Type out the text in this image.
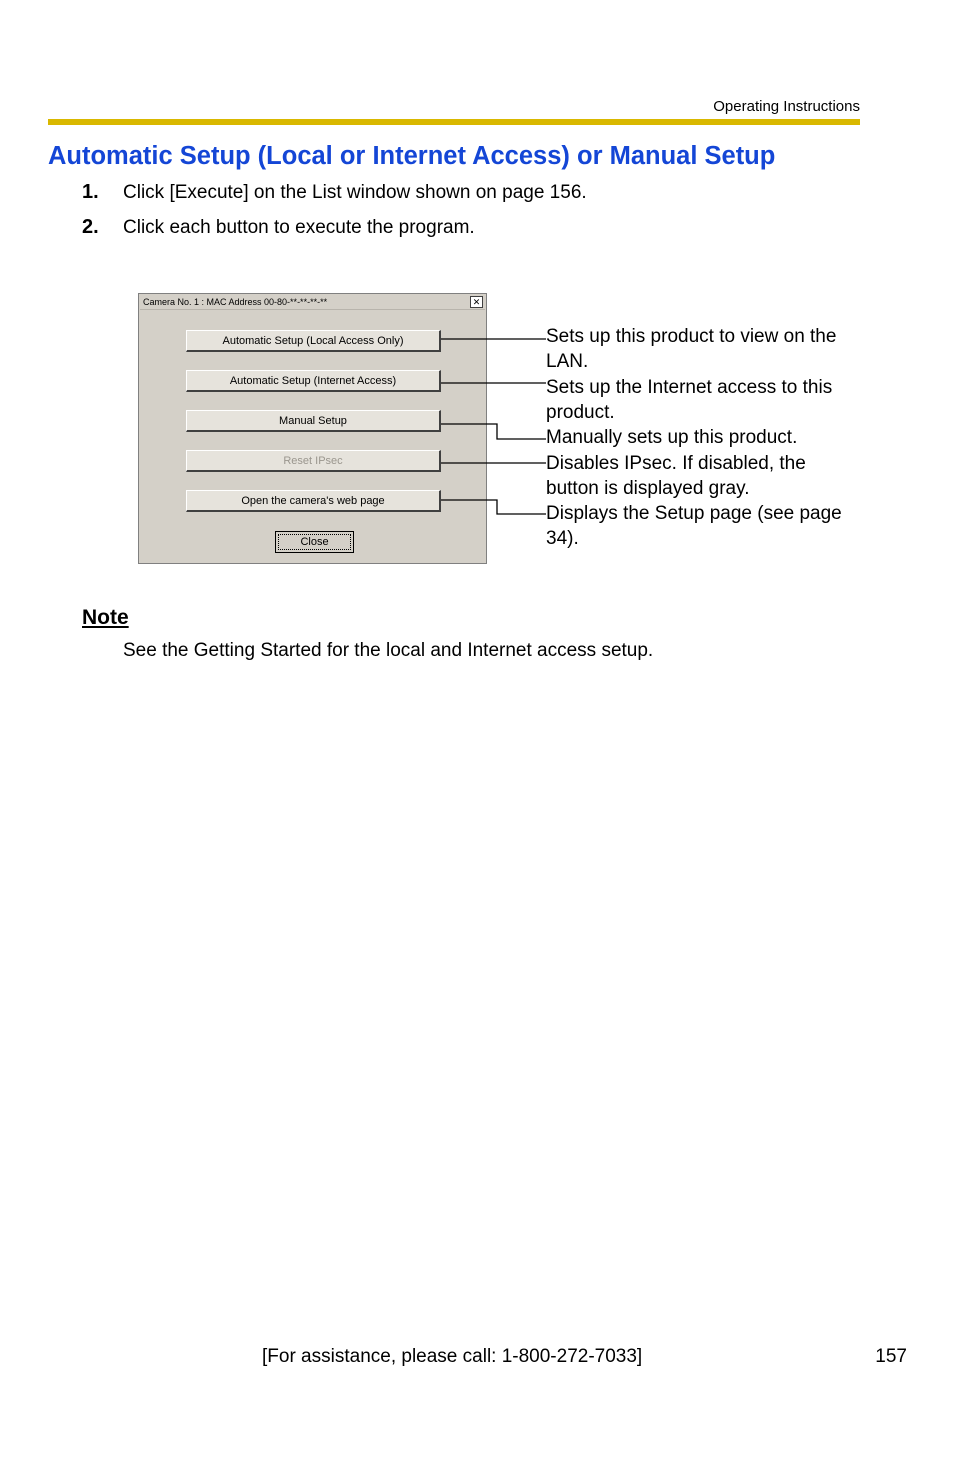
Operating Instructions
Automatic Setup (Local or Internet Access) or Manual Setup
1. Click [Execute] on the List window shown on page 156.
2. Click each button to execute the program.
Camera No. 1 : MAC Address 00-80-**-**-**-**	✕
Automatic Setup (Local Access Only)
Automatic Setup (Internet Access)
Manual Setup
Reset IPsec
Open the camera's web page
Close
Sets up this product to view on the LAN.
Sets up the Internet access to this product.
Manually sets up this product.
Disables IPsec. If disabled, the button is displayed gray.
Displays the Setup page (see page 34).
Note
See the Getting Started for the local and Internet access setup.
[For assistance, please call: 1-800-272-7033]	157
